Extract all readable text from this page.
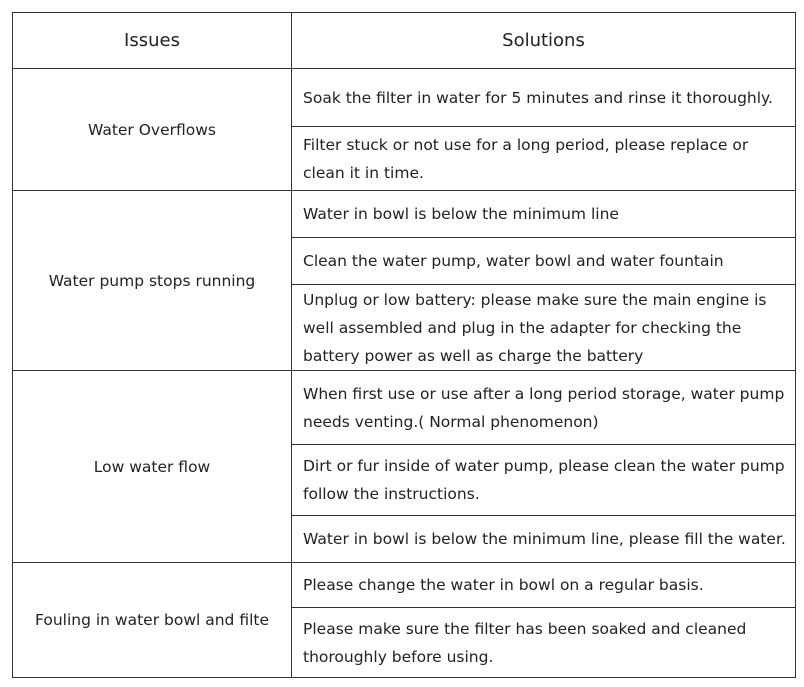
Issues	Solutions
Water Overflows	Soak the filter in water for 5 minutes and rinse it thoroughly.
	Filter stuck or not use for a long period, please replace or clean it in time.
Water pump stops running	Water in bowl is below the minimum line
	Clean the water pump, water bowl and water fountain
	Unplug or low battery: please make sure the main engine is well assembled and plug in the adapter for checking the battery power as well as charge the battery
Low water flow	When first use or use after a long period storage, water pump needs venting.( Normal phenomenon)
	Dirt or fur inside of water pump, please clean the water pump follow the instructions.
	Water in bowl is below the minimum line, please fill the water.
Fouling in water bowl and filte	Please change the water in bowl on a regular basis.
	Please make sure the filter has been soaked and cleaned thoroughly before using.
